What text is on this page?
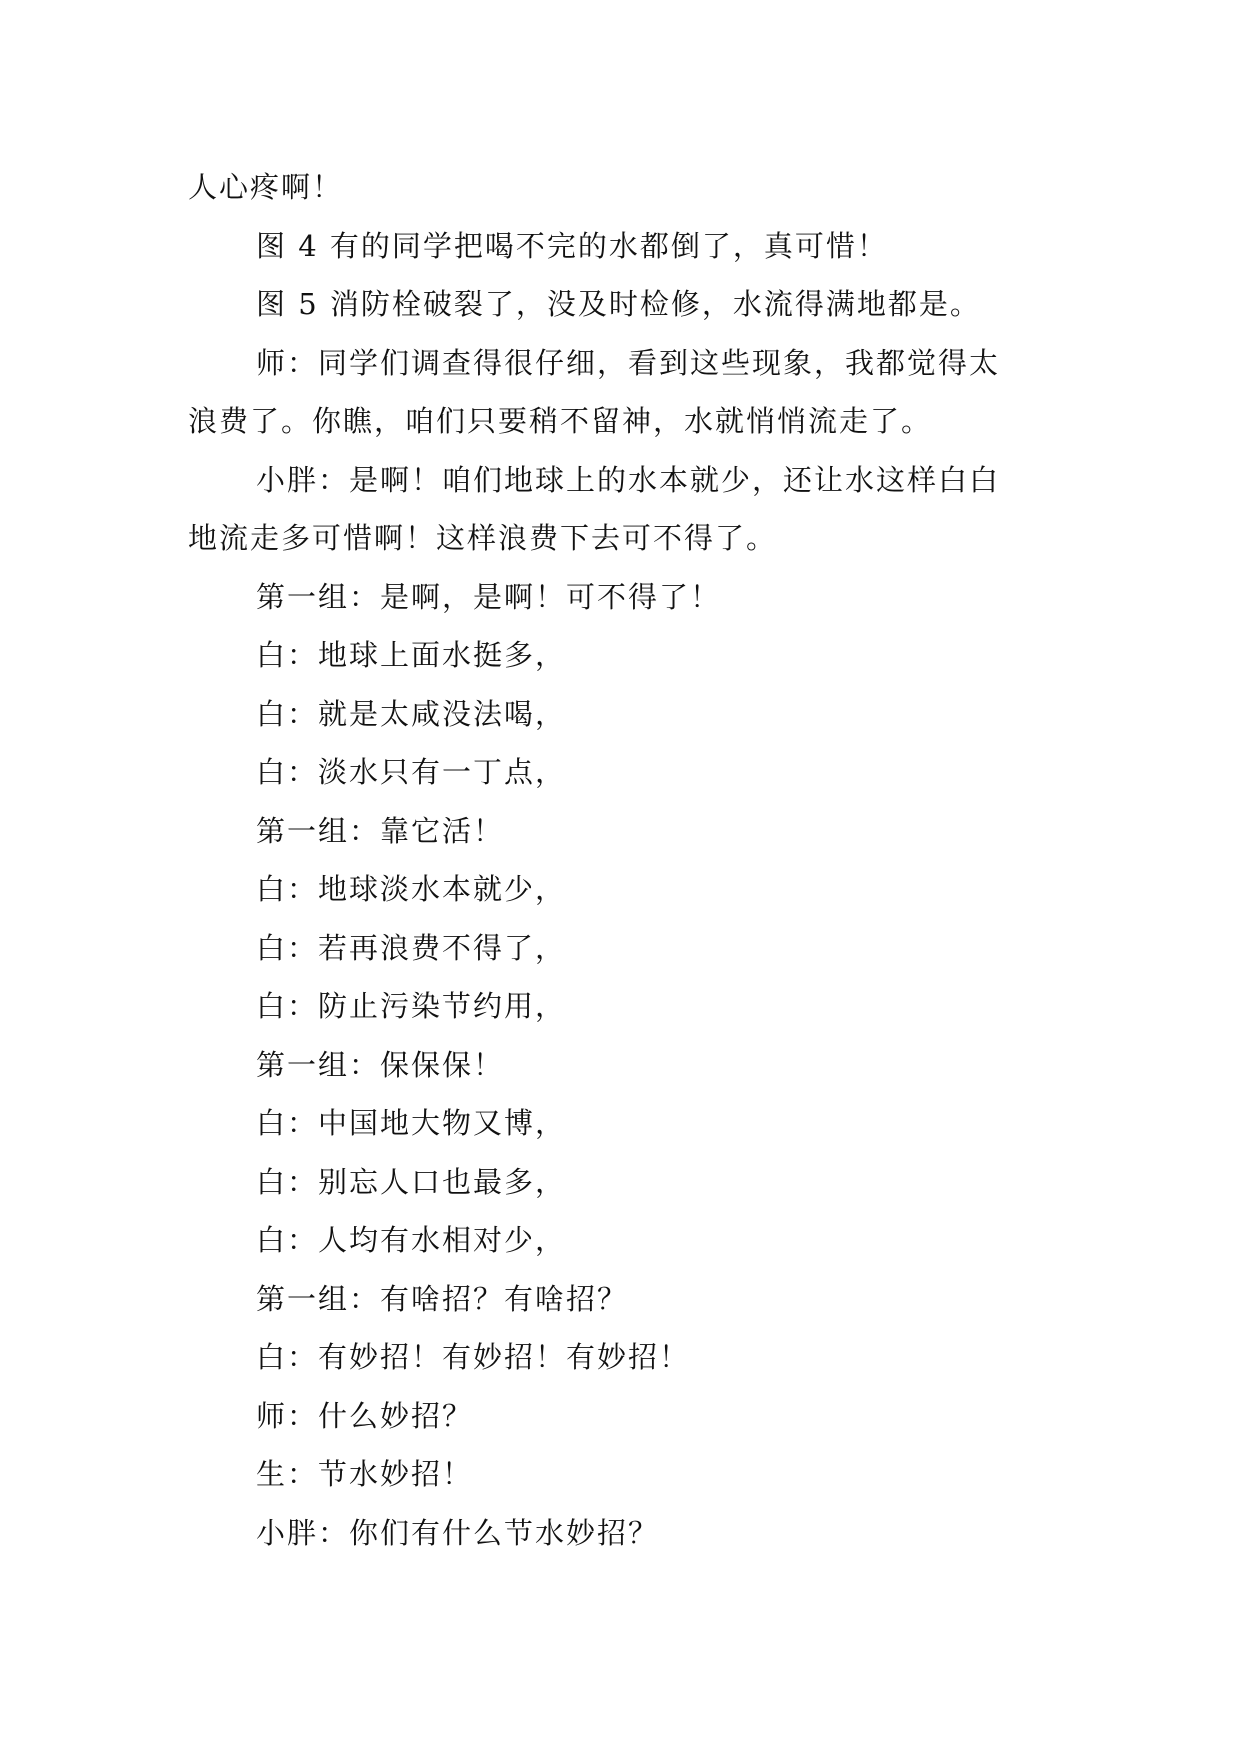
人心疼啊！
图 4 有的同学把喝不完的水都倒了，真可惜！
图 5 消防栓破裂了，没及时检修，水流得满地都是。
师：同学们调查得很仔细，看到这些现象，我都觉得太
浪费了。你瞧，咱们只要稍不留神，水就悄悄流走了。
小胖：是啊！咱们地球上的水本就少，还让水这样白白
地流走多可惜啊！这样浪费下去可不得了。
第一组：是啊，是啊！可不得了！
白：地球上面水挺多，
白：就是太咸没法喝，
白：淡水只有一丁点，
第一组：靠它活！
白：地球淡水本就少，
白：若再浪费不得了，
白：防止污染节约用，
第一组：保保保！
白：中国地大物又博，
白：别忘人口也最多，
白：人均有水相对少，
第一组：有啥招？有啥招？
白：有妙招！有妙招！有妙招！
师：什么妙招？
生：节水妙招！
小胖：你们有什么节水妙招？
